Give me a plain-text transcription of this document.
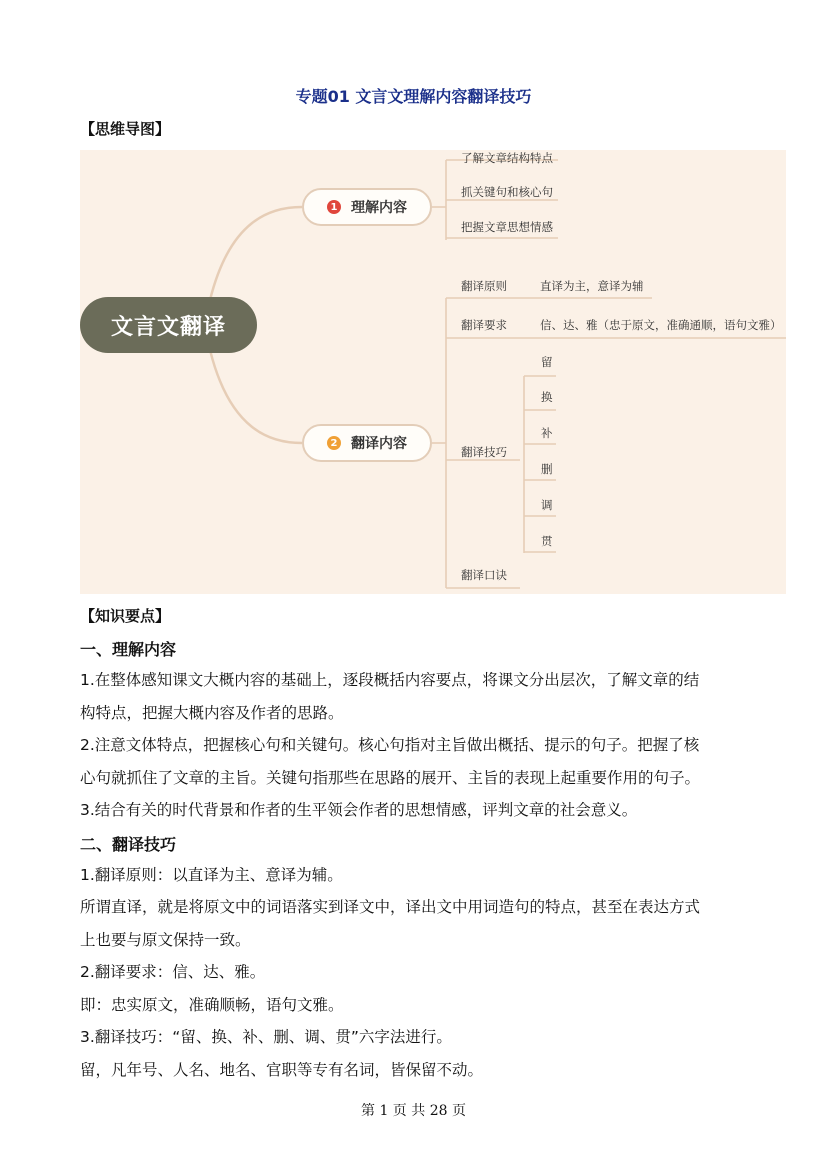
专题01 文言文理解内容翻译技巧
【思维导图】
文言文翻译
1 理解内容
2 翻译内容
了解文章结构特点
抓关键句和核心句
把握文章思想情感
翻译原则	直译为主，意译为辅
翻译要求	信、达、雅（忠于原文，准确通顺，语句文雅）
翻译技巧
翻译口诀
留
换
补
删
调
贯
【知识要点】
一、理解内容
1.在整体感知课文大概内容的基础上，逐段概括内容要点，将课文分出层次，了解文章的结
构特点，把握大概内容及作者的思路。
2.注意文体特点，把握核心句和关键句。核心句指对主旨做出概括、提示的句子。把握了核
心句就抓住了文章的主旨。关键句指那些在思路的展开、主旨的表现上起重要作用的句子。
3.结合有关的时代背景和作者的生平领会作者的思想情感，评判文章的社会意义。
二、翻译技巧
1.翻译原则：以直译为主、意译为辅。
所谓直译，就是将原文中的词语落实到译文中，译出文中用词造句的特点，甚至在表达方式
上也要与原文保持一致。
2.翻译要求：信、达、雅。
即：忠实原文，准确顺畅，语句文雅。
3.翻译技巧：“留、换、补、删、调、贯”六字法进行。
留，凡年号、人名、地名、官职等专有名词，皆保留不动。
第 1 页 共 28 页
